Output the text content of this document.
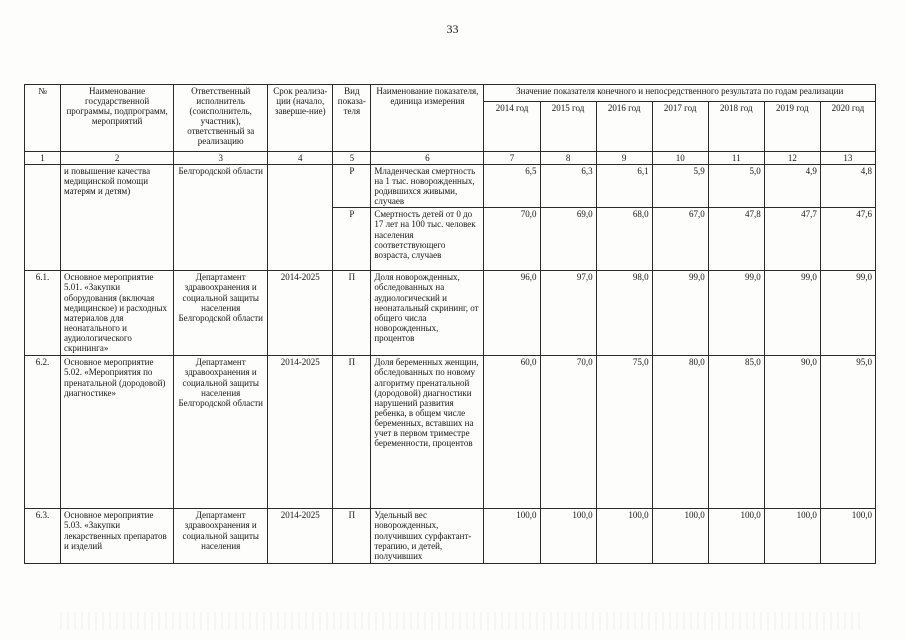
33
№	Наименование государственной программы, подпрограмм, мероприятий	Ответственный исполнитель (соисполнитель, участник), ответственный за реализацию	Срок реализа-ции (начало, заверше-ние)	Вид показа-теля	Наименование показателя, единица измерения	Значение показателя конечного и непосредственного результата по годам реализации						
						2014 год	2015 год	2016 год	2017 год	2018 год	2019 год	2020 год
1	2	3	4	5	6	7	8	9	10	11	12	13
	и повышение качества медицинской помощи матерям и детям)	Белгородской области		Р	Младенческая смертность на 1 тыс. новорожденных, родившихся живыми, случаев	6,5	6,3	6,1	5,9	5,0	4,9	4,8
				Р	Смертность детей от 0 до 17 лет на 100 тыс. человек населения соответствующего возраста, случаев	70,0	69,0	68,0	67,0	47,8	47,7	47,6
6.1.	Основное мероприятие 5.01. «Закупки оборудования (включая медицинское) и расходных материалов для неонатального и аудиологического скрининга»	Департамент здравоохранения и социальной защиты населения Белгородской области	2014-2025	П	Доля новорожденных, обследованных на аудиологический и неонатальный скрининг, от общего числа новорожденных, процентов	96,0	97,0	98,0	99,0	99,0	99,0	99,0
6.2.	Основное мероприятие 5.02. «Мероприятия по пренатальной (дородовой) диагностике»	Департамент здравоохранения и социальной защиты населения Белгородской области	2014-2025	П	Доля беременных женщин, обследованных по новому алгоритму пренатальной (дородовой) диагностики нарушений развития ребенка, в общем числе беременных, вставших на учет в первом триместре беременности, процентов	60,0	70,0	75,0	80,0	85,0	90,0	95,0
6.3.	Основное мероприятие 5.03. «Закупки лекарственных препаратов и изделий	Департамент здравоохранения и социальной защиты населения	2014-2025	П	Удельный вес новорожденных, получивших сурфактант-терапию, и детей, получивших	100,0	100,0	100,0	100,0	100,0	100,0	100,0
